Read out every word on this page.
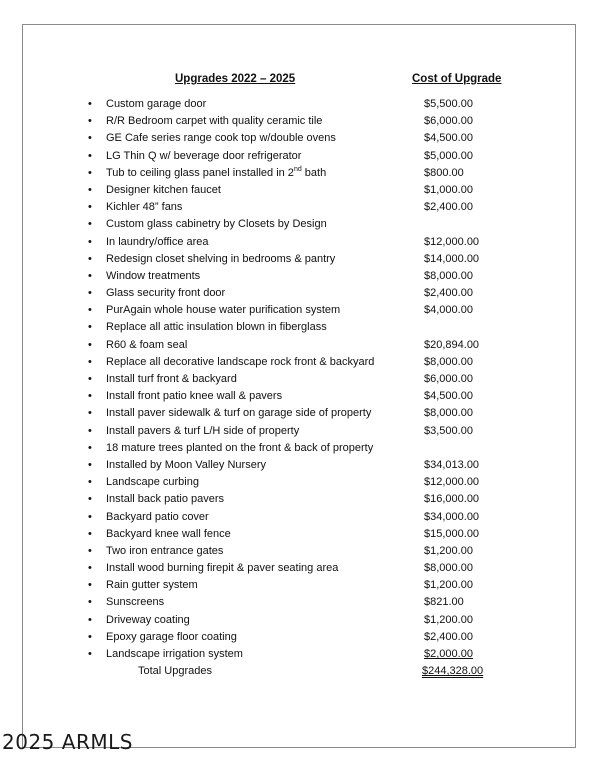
Upgrades 2022 – 2025	Cost of Upgrade
• Custom garage door	$5,500.00
• R/R Bedroom carpet with quality ceramic tile	$6,000.00
• GE Cafe series range cook top w/double ovens	$4,500.00
• LG Thin Q w/ beverage door refrigerator	$5,000.00
• Tub to ceiling glass panel installed in 2nd bath	$800.00
• Designer kitchen faucet	$1,000.00
• Kichler 48” fans	$2,400.00
• Custom glass cabinetry by Closets by Design
• In laundry/office area	$12,000.00
• Redesign closet shelving in bedrooms & pantry	$14,000.00
• Window treatments	$8,000.00
• Glass security front door	$2,400.00
• PurAgain whole house water purification system	$4,000.00
• Replace all attic insulation blown in fiberglass
• R60 & foam seal	$20,894.00
• Replace all decorative landscape rock front & backyard	$8,000.00
• Install turf front & backyard	$6,000.00
• Install front patio knee wall & pavers	$4,500.00
• Install paver sidewalk & turf on garage side of property	$8,000.00
• Install pavers & turf L/H side of property	$3,500.00
• 18 mature trees planted on the front & back of property
• Installed by Moon Valley Nursery	$34,013.00
• Landscape curbing	$12,000.00
• Install back patio pavers	$16,000.00
• Backyard patio cover	$34,000.00
• Backyard knee wall fence	$15,000.00
• Two iron entrance gates	$1,200.00
• Install wood burning firepit & paver seating area	$8,000.00
• Rain gutter system	$1,200.00
• Sunscreens	$821.00
• Driveway coating	$1,200.00
• Epoxy garage floor coating	$2,400.00
• Landscape irrigation system	$2,000.00
Total Upgrades	$244,328.00
2025 ARMLS
